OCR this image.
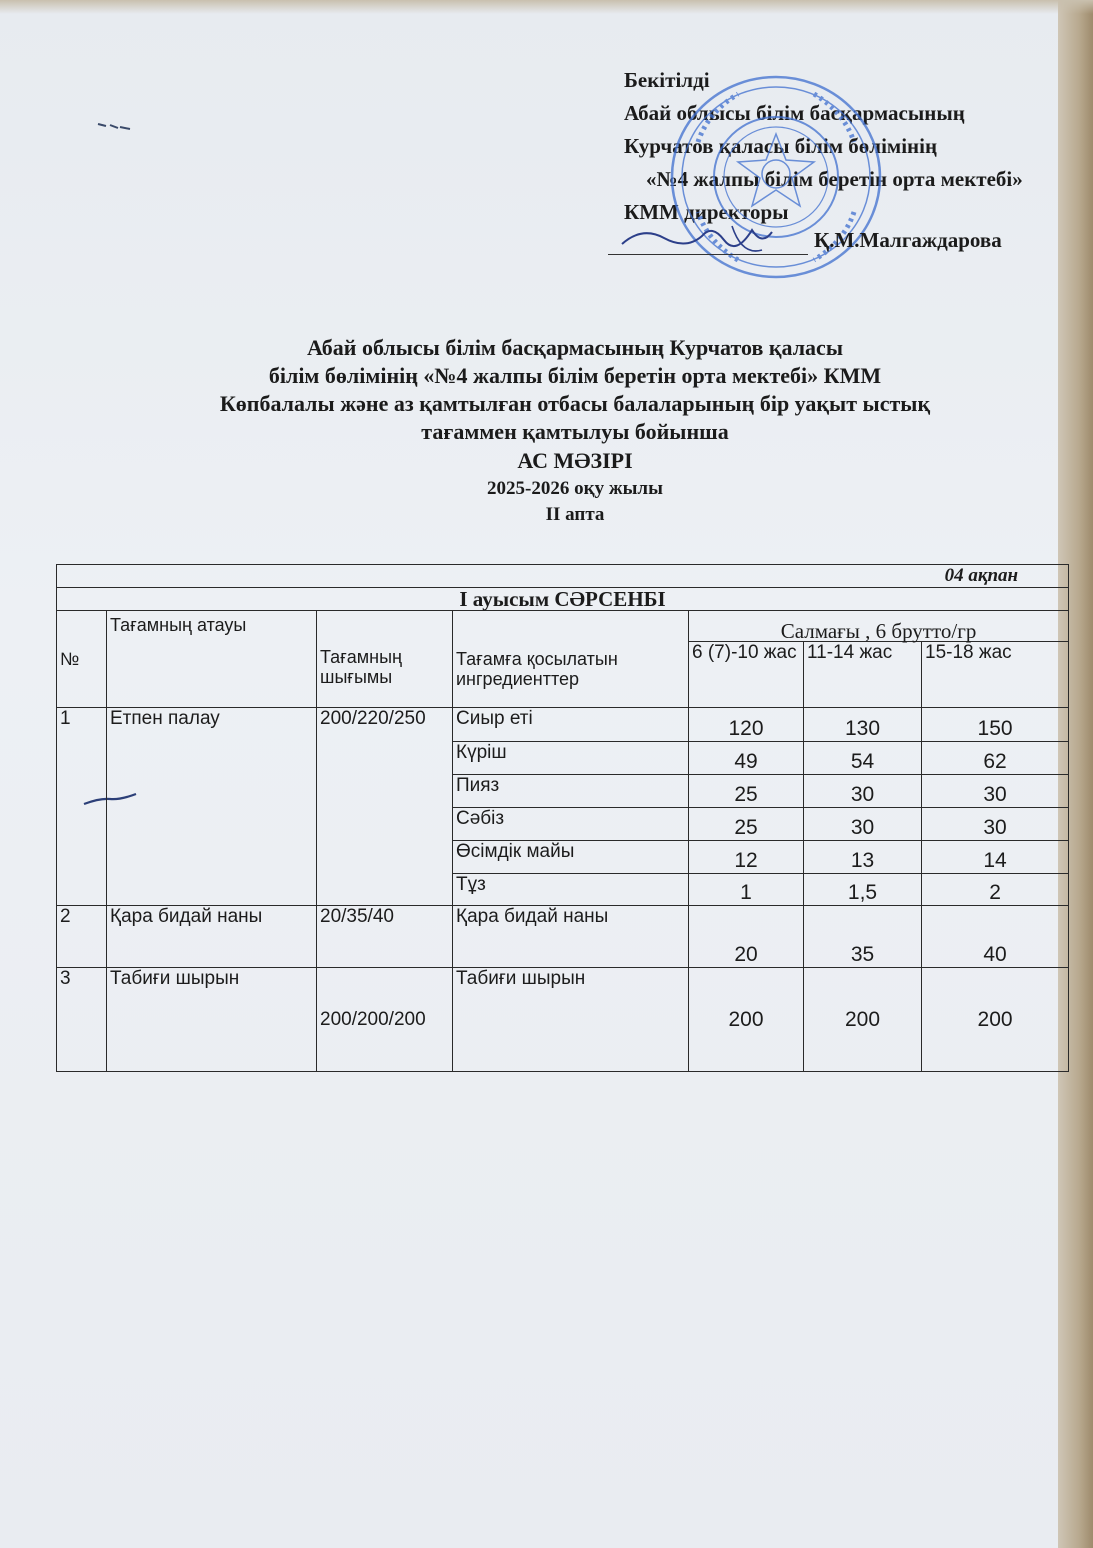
Бекітілді
Абай облысы білім басқармасының
Курчатов қаласы білім бөлімінің
«№4 жалпы білім беретін орта мектебі»
КММ директоры
Қ.М.Малгаждарова
Абай облысы білім басқармасының Курчатов қаласы
білім бөлімінің «№4 жалпы білім беретін орта мектебі» КММ
Көпбалалы және аз қамтылған отбасы балаларының бір уақыт ыстық
тағаммен қамтылуы бойынша
АС МӘЗІРІ
2025-2026 оқу жылы
ІІ апта
04 ақпан						
І ауысым СӘРСЕНБІ						
№	Тағамның атауы	Тағамның шығымы	Тағамға қосылатын ингредиенттер	Салмағы , 6 брутто/гр		
				6 (7)-10 жас	11-14 жас	15-18 жас
1	Етпен палау	200/220/250	Сиыр еті	120	130	150
			Күріш	49	54	62
			Пияз	25	30	30
			Сәбіз	25	30	30
			Өсімдік майы	12	13	14
			Тұз	1	1,5	2
2	Қара бидай наны	20/35/40	Қара бидай наны	20	35	40
3	Табиғи шырын	200/200/200	Табиғи шырын	200	200	200
